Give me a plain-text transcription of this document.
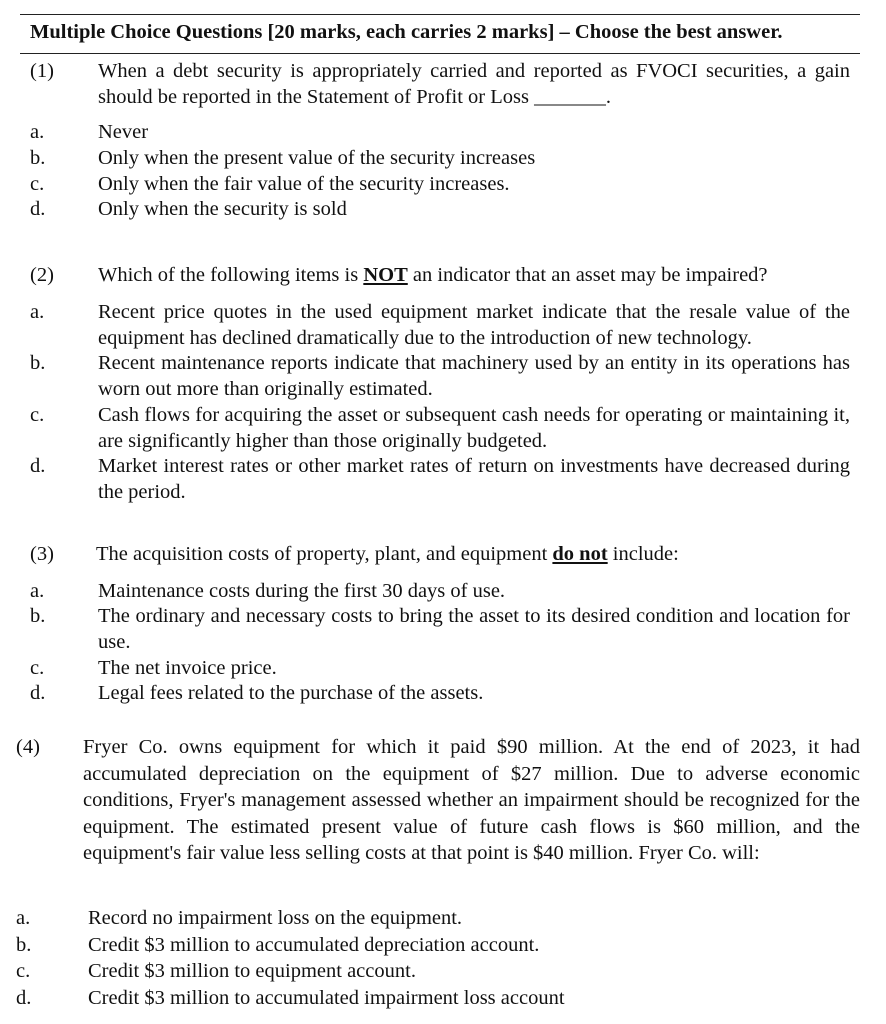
Multiple Choice Questions [20 marks, each carries 2 marks] – Choose the best answer.
(1) When a debt security is appropriately carried and reported as FVOCI securities, a gain should be reported in the Statement of Profit or Loss _______.
a.	Never
b.	Only when the present value of the security increases
c.	Only when the fair value of the security increases.
d.	Only when the security is sold
(2) Which of the following items is NOT an indicator that an asset may be impaired?
a.	Recent price quotes in the used equipment market indicate that the resale value of the equipment has declined dramatically due to the introduction of new technology.
b.	Recent maintenance reports indicate that machinery used by an entity in its operations has worn out more than originally estimated.
c.	Cash flows for acquiring the asset or subsequent cash needs for operating or maintaining it, are significantly higher than those originally budgeted.
d.	Market interest rates or other market rates of return on investments have decreased during the period.
(3) The acquisition costs of property, plant, and equipment do not include:
a.	Maintenance costs during the first 30 days of use.
b.	The ordinary and necessary costs to bring the asset to its desired condition and location for use.
c.	The net invoice price.
d.	Legal fees related to the purchase of the assets.
(4) Fryer Co. owns equipment for which it paid $90 million. At the end of 2023, it had accumulated depreciation on the equipment of $27 million. Due to adverse economic conditions, Fryer's management assessed whether an impairment should be recognized for the equipment. The estimated present value of future cash flows is $60 million, and the equipment's fair value less selling costs at that point is $40 million. Fryer Co. will:
a.	Record no impairment loss on the equipment.
b.	Credit $3 million to accumulated depreciation account.
c.	Credit $3 million to equipment account.
d.	Credit $3 million to accumulated impairment loss account
